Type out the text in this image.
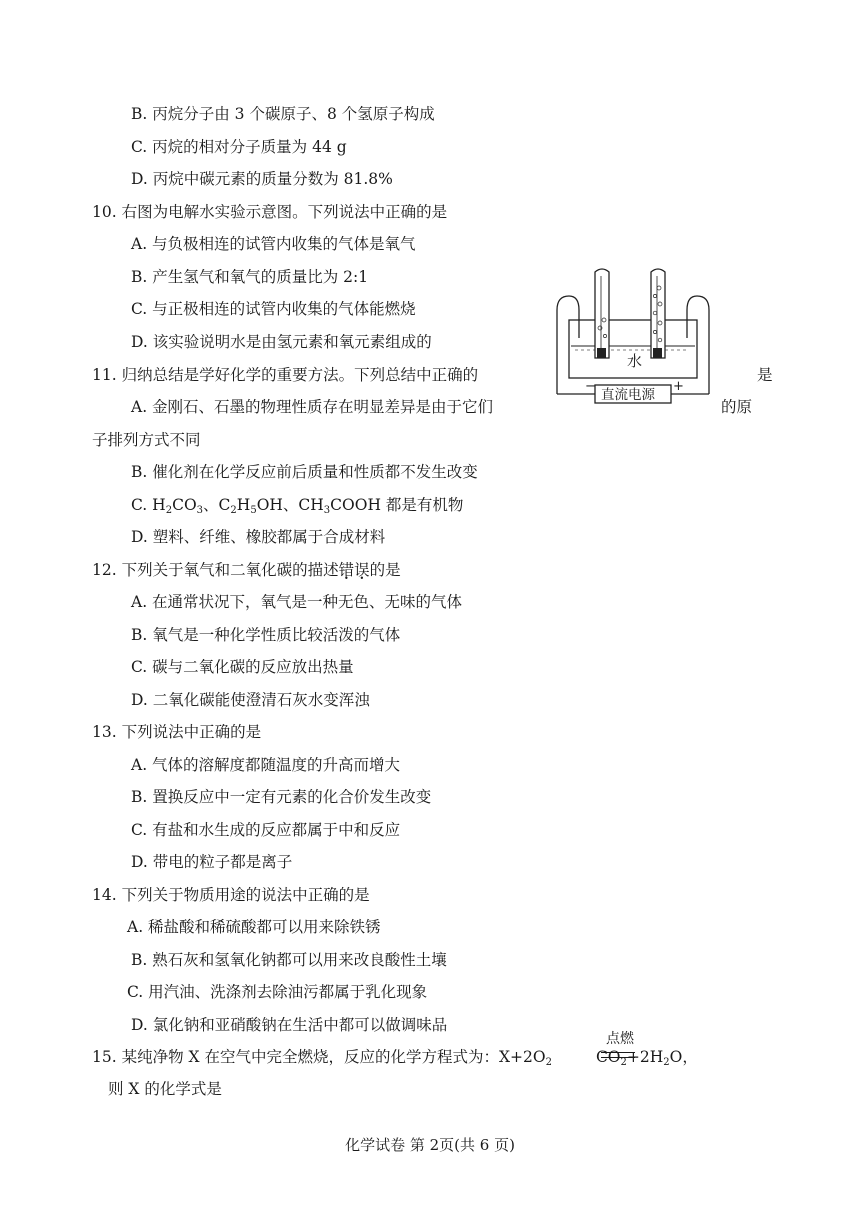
B. 丙烷分子由 3 个碳原子、8 个氢原子构成
C. 丙烷的相对分子质量为 44 g
D. 丙烷中碳元素的质量分数为 81.8%
10. 右图为电解水实验示意图。下列说法中正确的是
A. 与负极相连的试管内收集的气体是氧气
B. 产生氢气和氧气的质量比为 2:1
C. 与正极相连的试管内收集的气体能燃烧
D. 该实验说明水是由氢元素和氧元素组成的
11. 归纳总结是学好化学的重要方法。下列总结中正确的	是
A. 金刚石、石墨的物理性质存在明显差异是由于它们	的原
子排列方式不同
B. 催化剂在化学反应前后质量和性质都不发生改变
C. $H_2CO_3$、$C_2H_5OH$、$CH_3COOH$ 都是有机物
D. 塑料、纤维、橡胶都属于合成材料
12. 下列关于氧气和二氧化碳的描述错误的是
A. 在通常状况下，氧气是一种无色、无味的气体
B. 氧气是一种化学性质比较活泼的气体
C. 碳与二氧化碳的反应放出热量
D. 二氧化碳能使澄清石灰水变浑浊
13. 下列说法中正确的是
A. 气体的溶解度都随温度的升高而增大
B. 置换反应中一定有元素的化合价发生改变
C. 有盐和水生成的反应都属于中和反应
D. 带电的粒子都是离子
14. 下列关于物质用途的说法中正确的是
A. 稀盐酸和稀硫酸都可以用来除铁锈
B. 熟石灰和氢氧化钠都可以用来改良酸性土壤
C. 用汽油、洗涤剂去除油污都属于乳化现象
D. 氯化钠和亚硝酸钠在生活中都可以做调味品
15. 某纯净物 X 在空气中完全燃烧，反应的化学方程式为：$X+2O_2$	$CO_2+2H_2O$，
点燃
则 X 的化学式是
水
直流电源
−	+
化学试卷 第 2页(共 6 页)
